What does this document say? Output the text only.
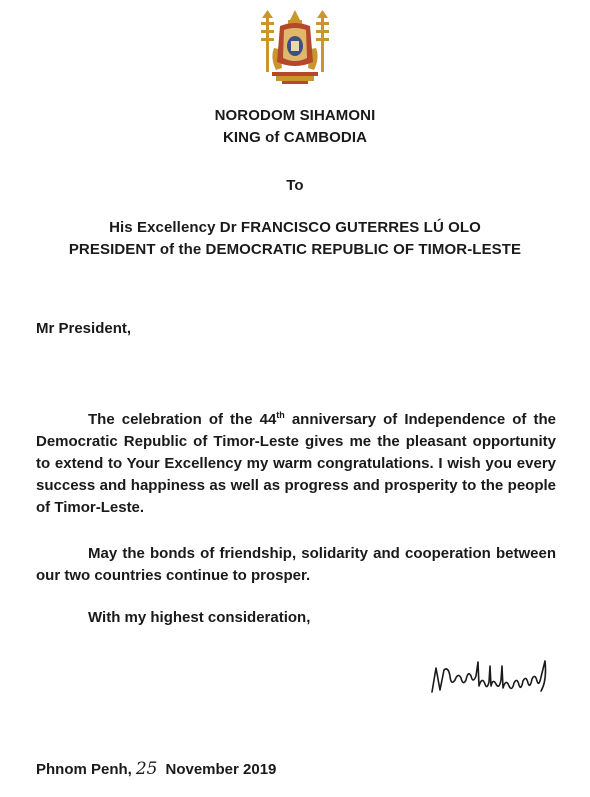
NORODOM SIHAMONI
KING of CAMBODIA
To
His Excellency Dr FRANCISCO GUTERRES LÚ OLO
PRESIDENT of the DEMOCRATIC REPUBLIC OF TIMOR-LESTE
Mr President,

The celebration of the 44th anniversary of Independence of the Democratic Republic of Timor-Leste gives me the pleasant opportunity to extend to Your Excellency my warm congratulations. I wish you every success and happiness as well as progress and prosperity to the people of Timor-Leste.

May the bonds of friendship, solidarity and cooperation between our two countries continue to prosper.

With my highest consideration,
Phnom Penh, 25 November 2019
